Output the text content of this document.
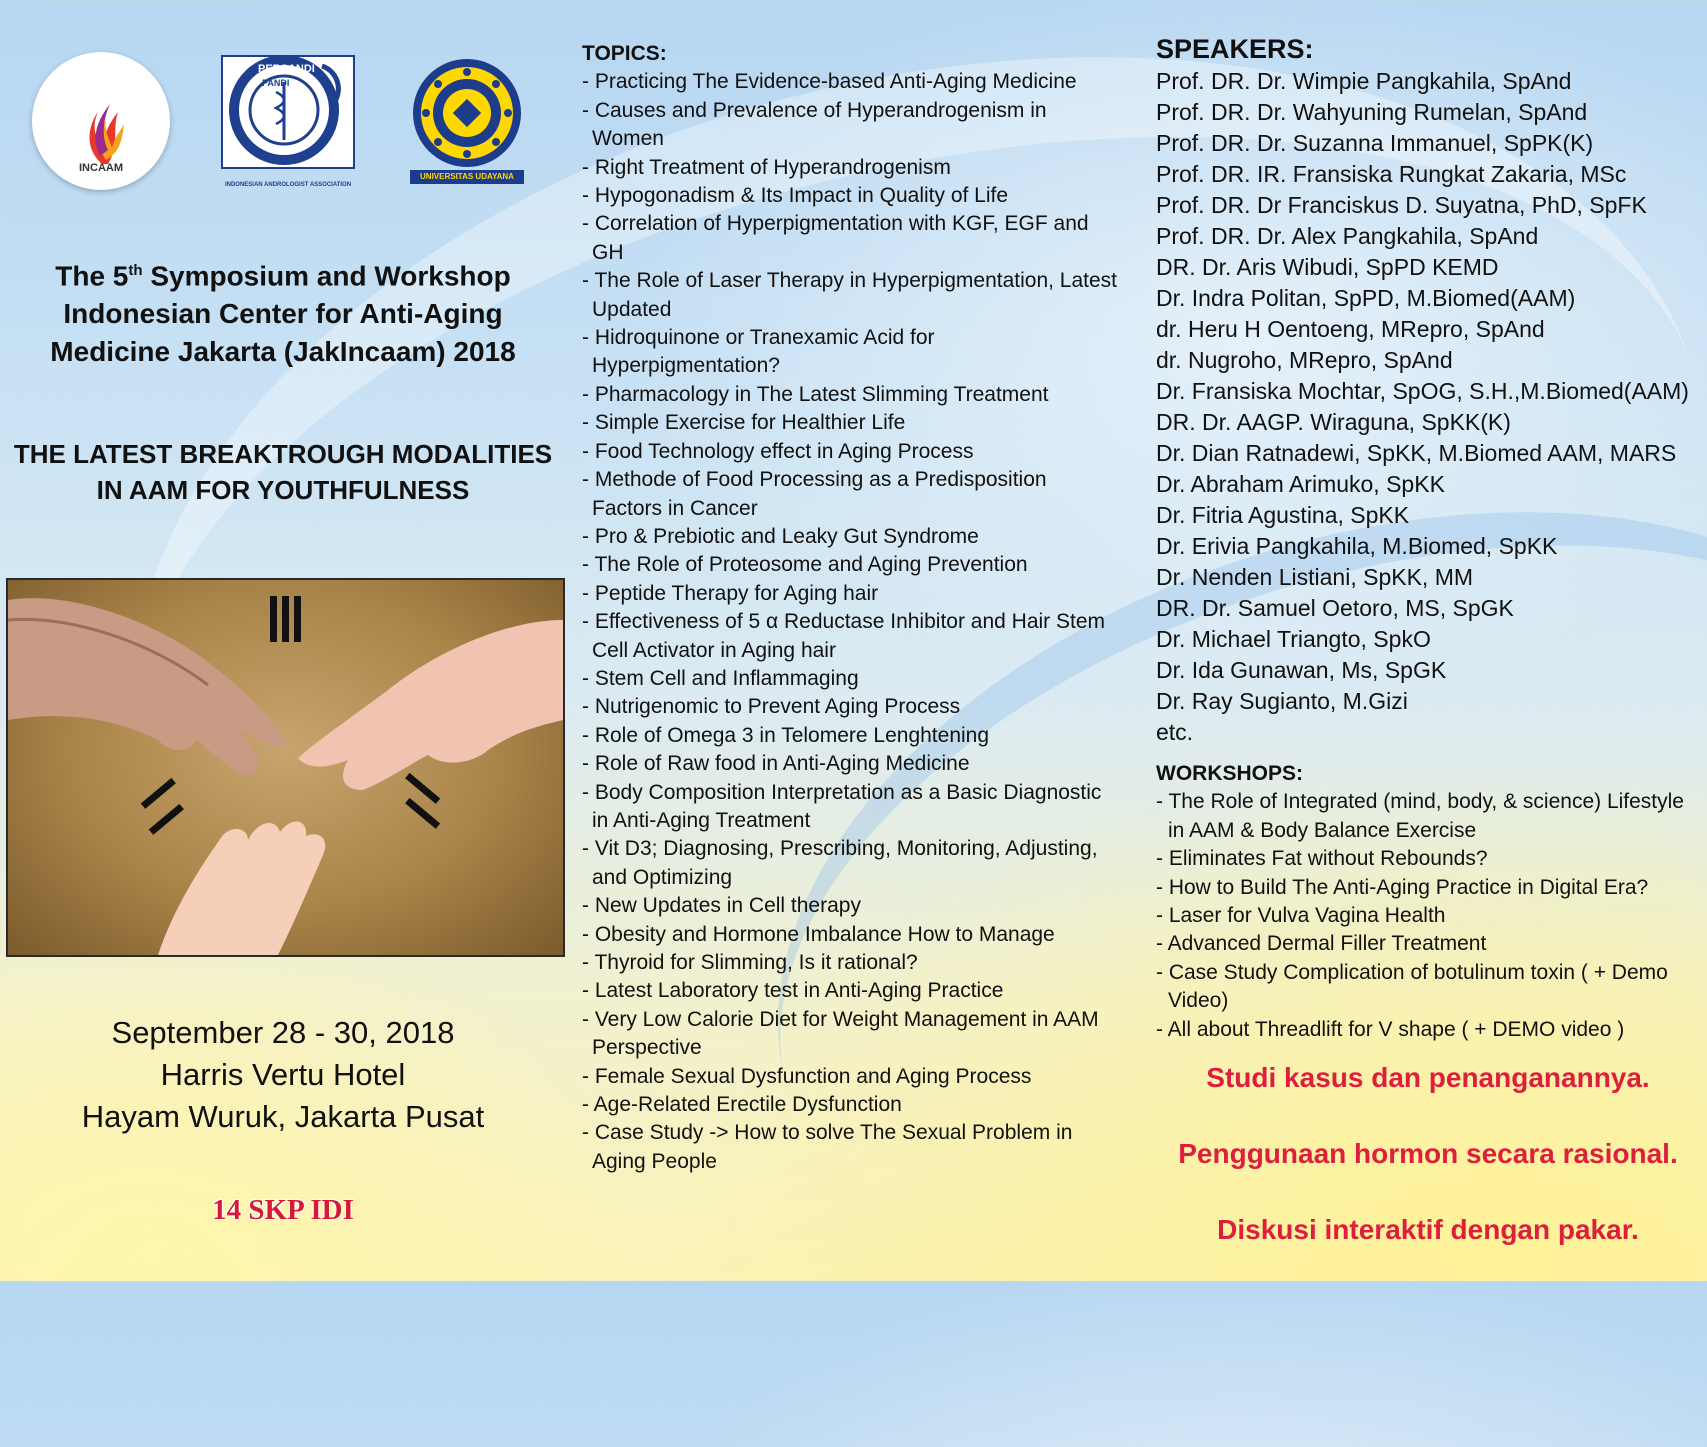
INCAAM
PERSANDI
PANDI
INDONESIAN ANDROLOGIST ASSOCIATION
UNIVERSITAS UDAYANA
The 5th Symposium and Workshop
Indonesian Center for Anti-Aging
Medicine Jakarta (JakIncaam) 2018
THE LATEST BREAKTROUGH MODALITIES
IN AAM FOR YOUTHFULNESS
September 28 - 30, 2018
Harris Vertu Hotel
Hayam Wuruk, Jakarta Pusat
14 SKP IDI
TOPICS:
- Practicing The Evidence-based Anti-Aging Medicine
- Causes and Prevalence of Hyperandrogenism in Women
- Right Treatment of Hyperandrogenism
- Hypogonadism & Its Impact in Quality of Life
- Correlation of Hyperpigmentation with KGF, EGF and GH
- The Role of Laser Therapy in Hyperpigmentation, Latest Updated
- Hidroquinone or Tranexamic Acid for Hyperpigmentation?
- Pharmacology in The Latest Slimming Treatment
- Simple Exercise for Healthier Life
- Food Technology effect in Aging Process
- Methode of Food Processing as a Predisposition Factors in Cancer
- Pro & Prebiotic and Leaky Gut Syndrome
- The Role of Proteosome and Aging Prevention
- Peptide Therapy for Aging hair
- Effectiveness of 5 α Reductase Inhibitor and Hair Stem Cell Activator in Aging hair
- Stem Cell and Inflammaging
- Nutrigenomic to Prevent Aging Process
- Role of Omega 3 in Telomere Lenghtening
- Role of Raw food in Anti-Aging Medicine
- Body Composition Interpretation as a Basic Diagnostic in Anti-Aging Treatment
- Vit D3; Diagnosing, Prescribing, Monitoring, Adjusting, and Optimizing
- New Updates in Cell therapy
- Obesity and Hormone Imbalance How to Manage
- Thyroid for Slimming, Is it rational?
- Latest Laboratory test in Anti-Aging Practice
- Very Low Calorie Diet for Weight Management in AAM Perspective
- Female Sexual Dysfunction and Aging Process
- Age-Related Erectile Dysfunction
- Case Study -> How to solve The Sexual Problem in Aging People
SPEAKERS:
Prof. DR. Dr. Wimpie Pangkahila, SpAnd
Prof. DR. Dr. Wahyuning Rumelan, SpAnd
Prof. DR. Dr. Suzanna Immanuel, SpPK(K)
Prof. DR. IR. Fransiska Rungkat Zakaria, MSc
Prof. DR. Dr Franciskus D. Suyatna, PhD, SpFK
Prof. DR. Dr. Alex Pangkahila, SpAnd
DR. Dr. Aris Wibudi, SpPD KEMD
Dr. Indra Politan, SpPD, M.Biomed(AAM)
dr. Heru H Oentoeng, MRepro, SpAnd
dr. Nugroho, MRepro, SpAnd
Dr. Fransiska Mochtar, SpOG, S.H.,M.Biomed(AAM)
DR. Dr. AAGP. Wiraguna, SpKK(K)
Dr. Dian Ratnadewi, SpKK, M.Biomed AAM, MARS
Dr. Abraham Arimuko, SpKK
Dr. Fitria Agustina, SpKK
Dr. Erivia Pangkahila, M.Biomed, SpKK
Dr. Nenden Listiani, SpKK, MM
DR. Dr. Samuel Oetoro, MS, SpGK
Dr. Michael Triangto, SpkO
Dr. Ida Gunawan, Ms, SpGK
Dr. Ray Sugianto, M.Gizi
etc.
WORKSHOPS:
- The Role of Integrated (mind, body, & science) Lifestyle in AAM & Body Balance Exercise
- Eliminates Fat without Rebounds?
- How to Build The Anti-Aging Practice in Digital Era?
- Laser for Vulva Vagina Health
- Advanced Dermal Filler Treatment
- Case Study Complication of botulinum toxin ( + Demo Video)
- All about Threadlift for V shape ( + DEMO video )
Studi kasus dan penanganannya.
Penggunaan hormon secara rasional.
Diskusi interaktif dengan pakar.
